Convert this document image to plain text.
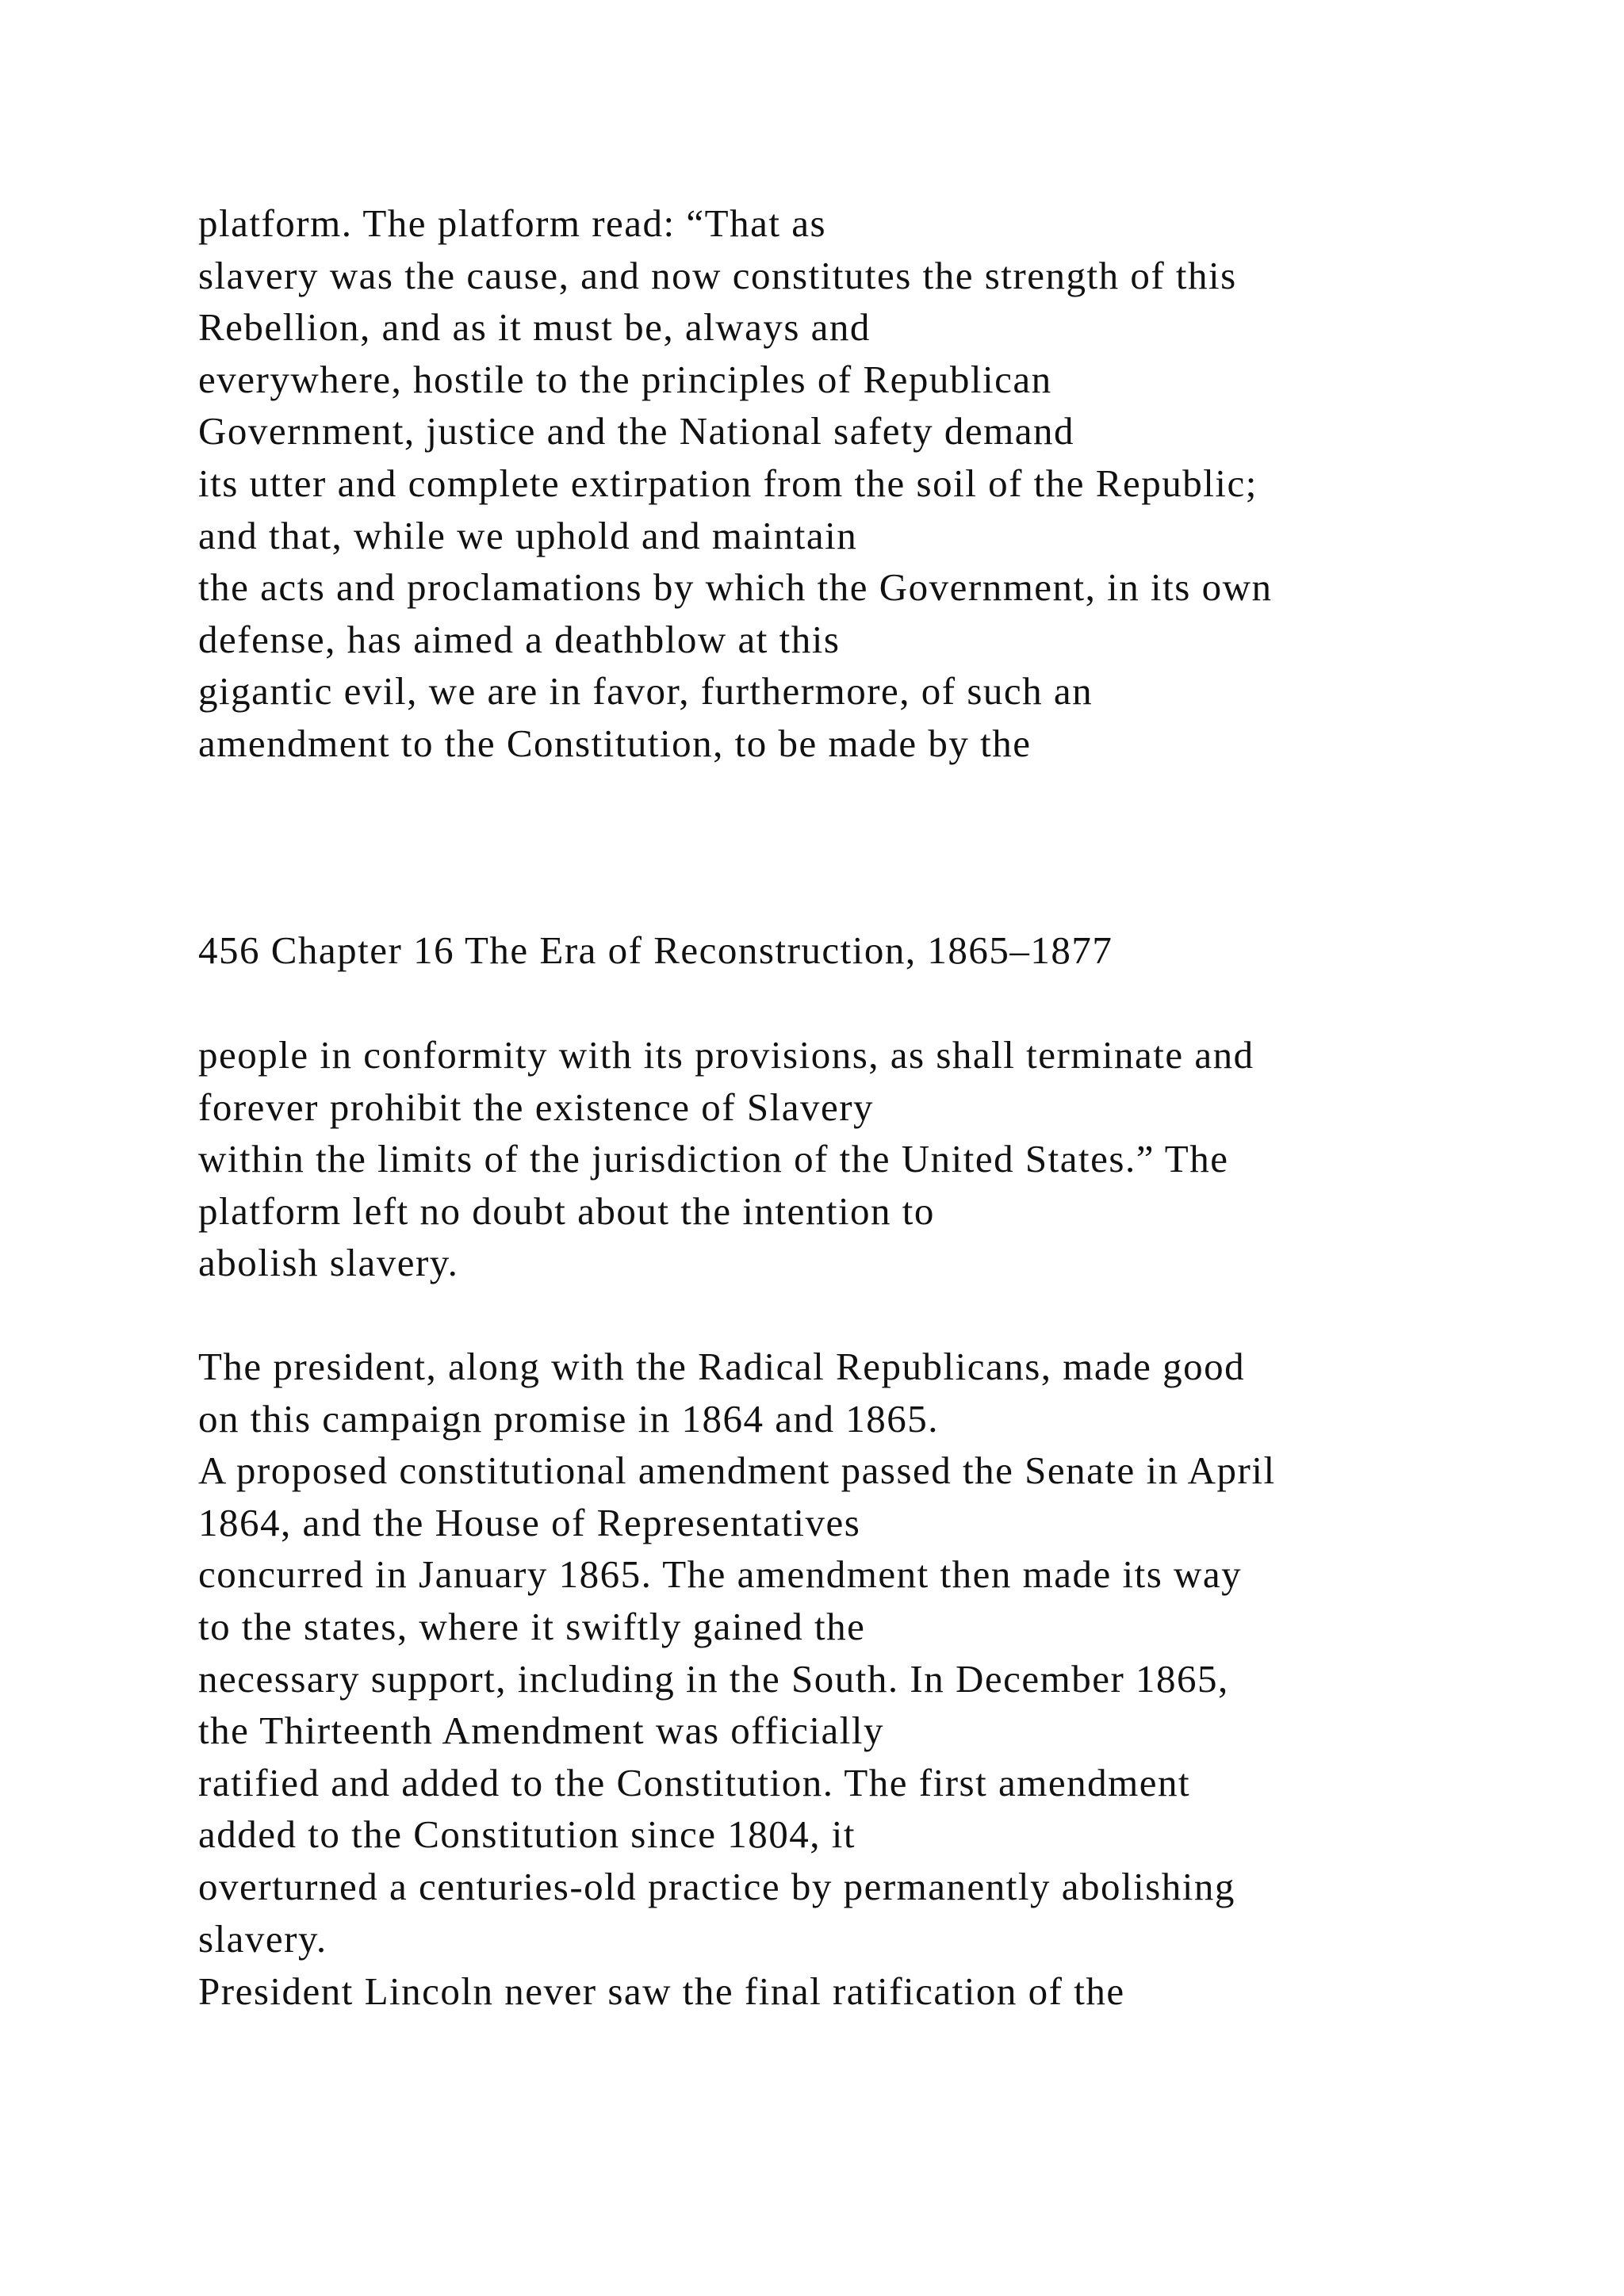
platform. The platform read: “That as
slavery was the cause, and now constitutes the strength of this
Rebellion, and as it must be, always and
everywhere, hostile to the principles of Republican
Government, justice and the National safety demand
its utter and complete extirpation from the soil of the Republic;
and that, while we uphold and maintain
the acts and proclamations by which the Government, in its own
defense, has aimed a deathblow at this
gigantic evil, we are in favor, furthermore, of such an
amendment to the Constitution, to be made by the
456 Chapter 16 The Era of Reconstruction, 1865–1877
people in conformity with its provisions, as shall terminate and
forever prohibit the existence of Slavery
within the limits of the jurisdiction of the United States.” The
platform left no doubt about the intention to
abolish slavery.
The president, along with the Radical Republicans, made good
on this campaign promise in 1864 and 1865.
A proposed constitutional amendment passed the Senate in April
1864, and the House of Representatives
concurred in January 1865. The amendment then made its way
to the states, where it swiftly gained the
necessary support, including in the South. In December 1865,
the Thirteenth Amendment was officially
ratified and added to the Constitution. The first amendment
added to the Constitution since 1804, it
overturned a centuries-old practice by permanently abolishing
slavery.
President Lincoln never saw the final ratification of the
